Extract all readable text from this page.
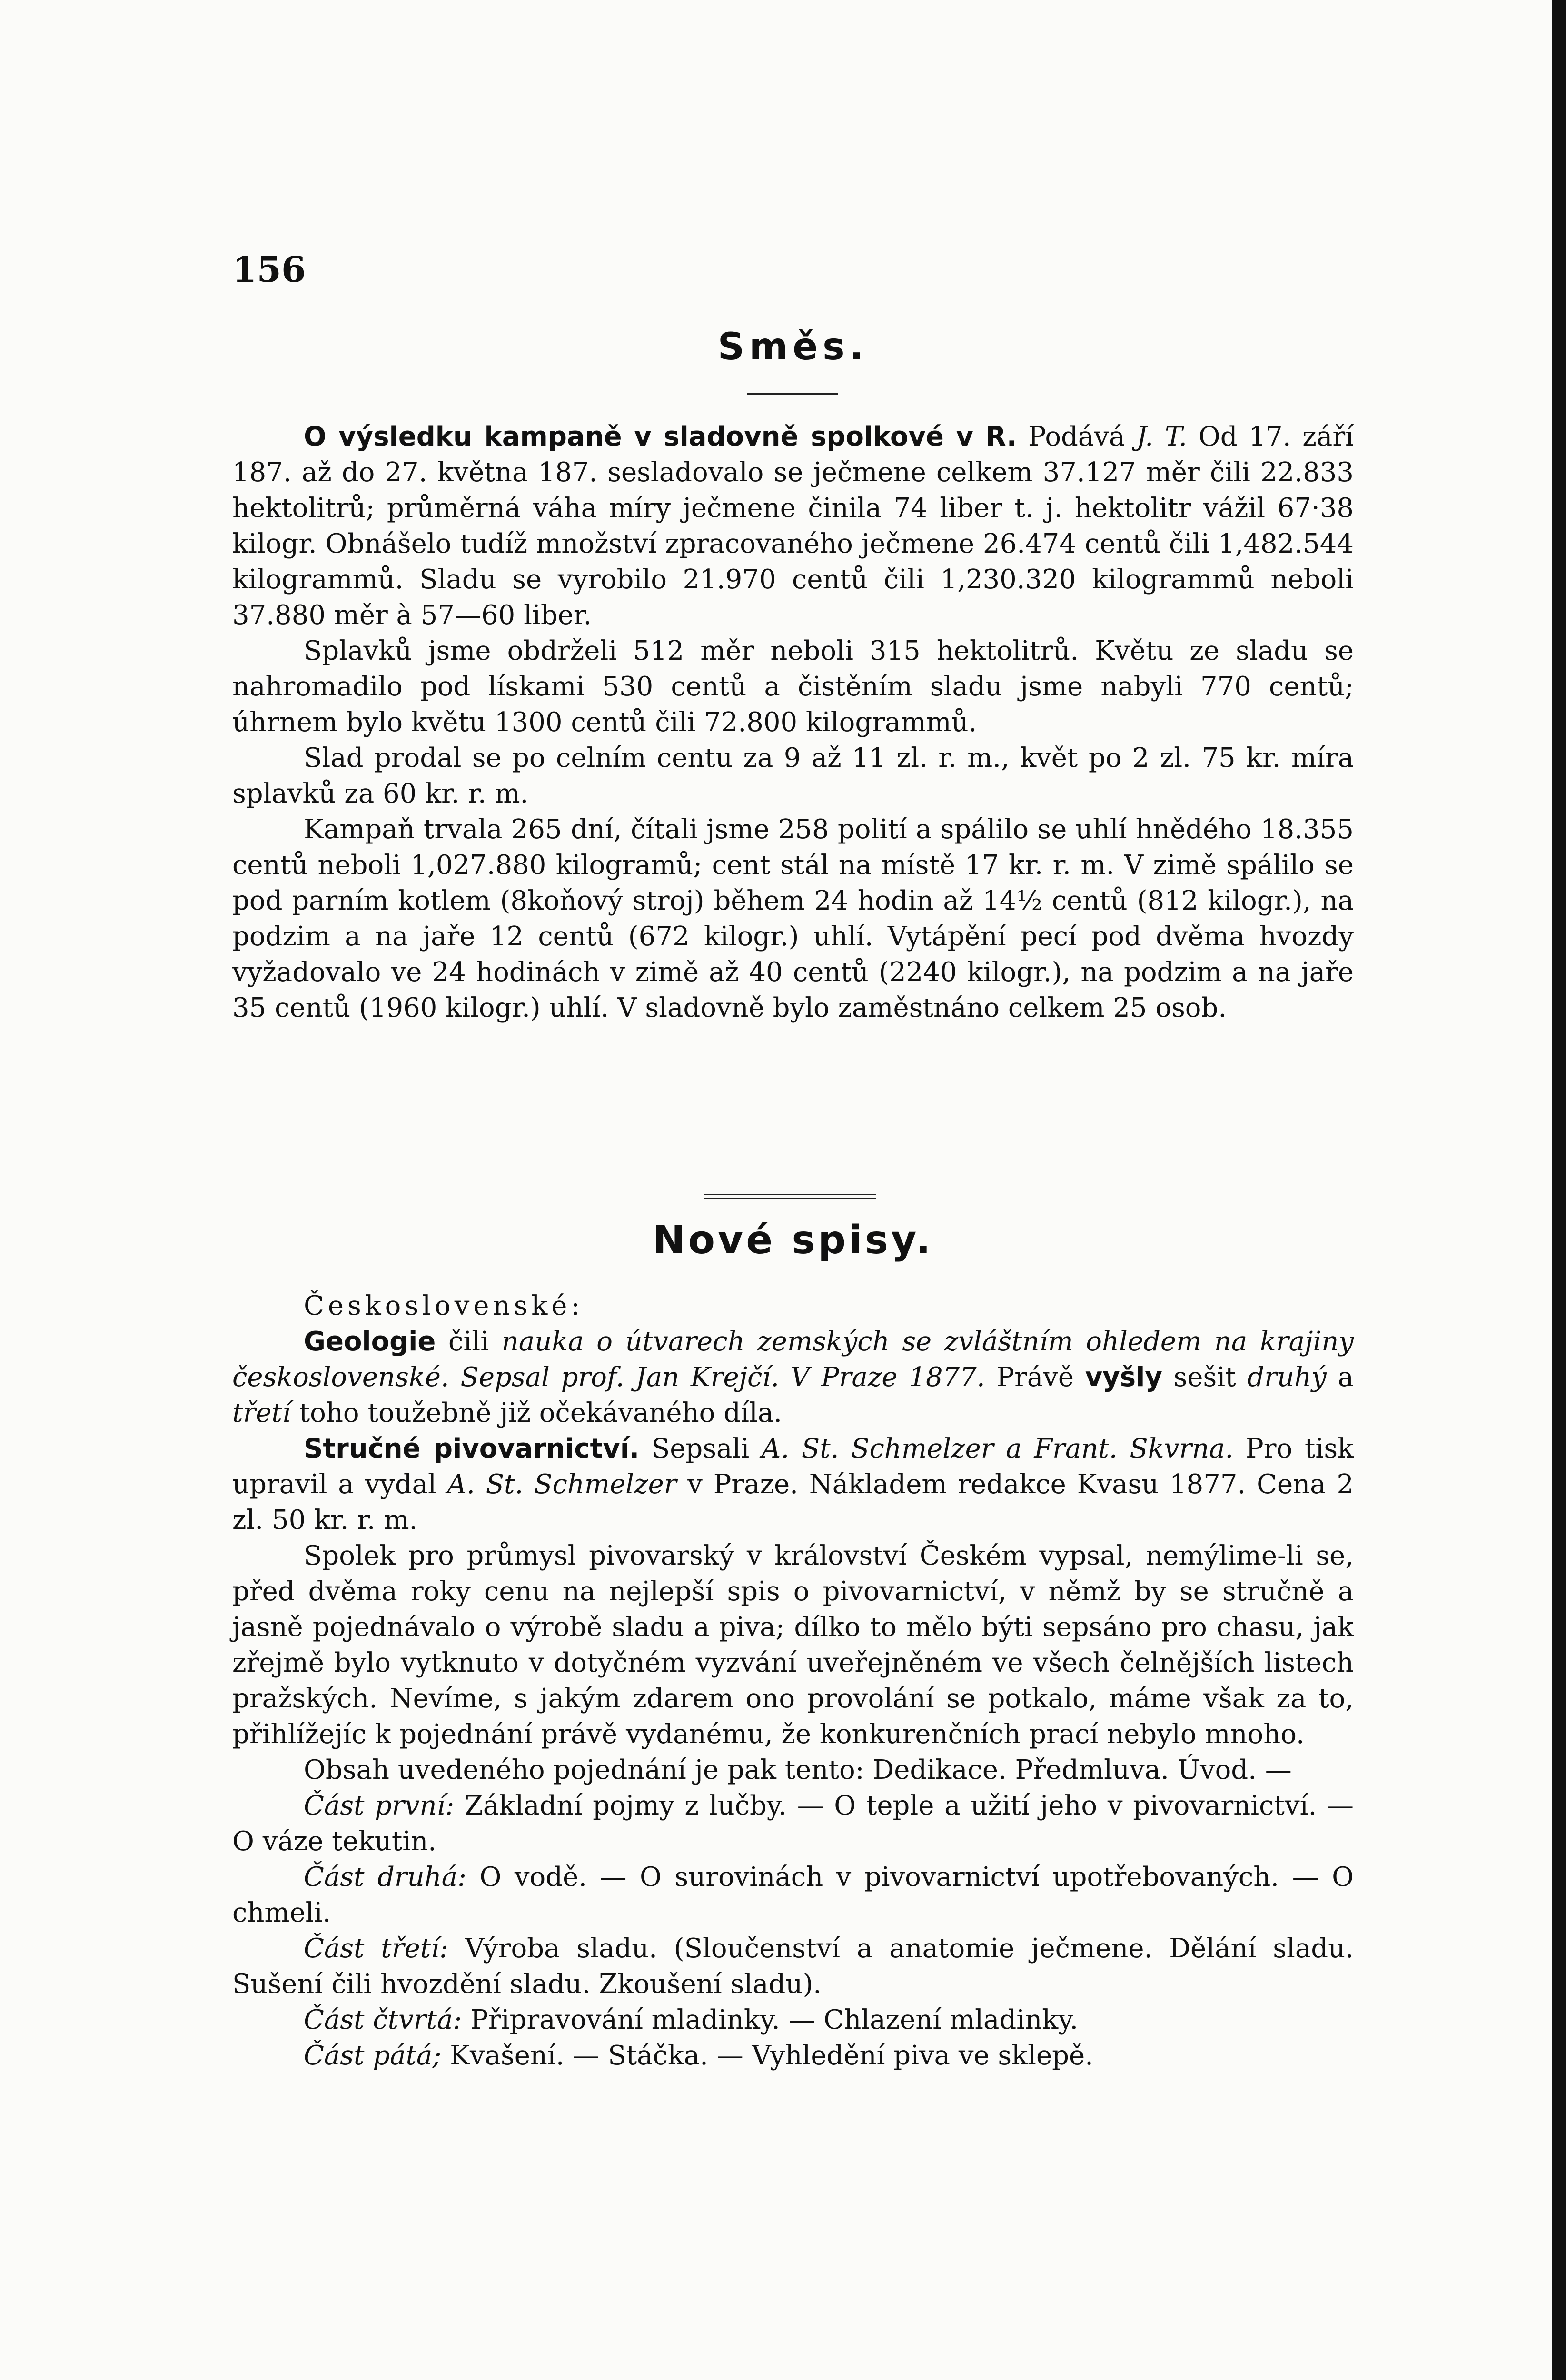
156
Směs.

O výsledku kampaně v sladovně spolkové v R. Podává J. T. Od 17. září 187. až do 27. května 187. sesladovalo se ječmene celkem 37.127 měr čili 22.833 hektolitrů; průměrná váha míry ječmene činila 74 liber t. j. hektolitr vážil 67·38 kilogr. Obnášelo tudíž množství zpracovaného ječmene 26.474 centů čili 1,482.544 kilogrammů. Sladu se vyrobilo 21.970 centů čili 1,230.320 kilogrammů neboli 37.880 měr à 57—60 liber.

Splavků jsme obdrželi 512 měr neboli 315 hektolitrů. Květu ze sladu se nahromadilo pod lískami 530 centů a čistěním sladu jsme nabyli 770 centů; úhrnem bylo květu 1300 centů čili 72.800 kilogrammů.

Slad prodal se po celním centu za 9 až 11 zl. r. m., květ po 2 zl. 75 kr. míra splavků za 60 kr. r. m.

Kampaň trvala 265 dní, čítali jsme 258 polití a spálilo se uhlí hnědého 18.355 centů neboli 1,027.880 kilogramů; cent stál na místě 17 kr. r. m. V zimě spálilo se pod parním kotlem (8koňový stroj) během 24 hodin až 14½ centů (812 kilogr.), na podzim a na jaře 12 centů (672 kilogr.) uhlí. Vytápění pecí pod dvěma hvozdy vyžadovalo ve 24 hodinách v zimě až 40 centů (2240 kilogr.), na podzim a na jaře 35 centů (1960 kilogr.) uhlí. V sladovně bylo zaměstnáno celkem 25 osob.

Nové spisy.

Československé:

Geologie čili nauka o útvarech zemských se zvláštním ohledem na krajiny československé. Sepsal prof. Jan Krejčí. V Praze 1877. Právě vyšly sešit druhý a třetí toho toužebně již očekávaného díla.

Stručné pivovarnictví. Sepsali A. St. Schmelzer a Frant. Skvrna. Pro tisk upravil a vydal A. St. Schmelzer v Praze. Nákladem redakce Kvasu 1877. Cena 2 zl. 50 kr. r. m.

Spolek pro průmysl pivovarský v království Českém vypsal, nemýlime-li se, před dvěma roky cenu na nejlepší spis o pivovarnictví, v němž by se stručně a jasně pojednávalo o výrobě sladu a piva; dílko to mělo býti sepsáno pro chasu, jak zřejmě bylo vytknuto v dotyčném vyzvání uveřejněném ve všech čelnějších listech pražských. Nevíme, s jakým zdarem ono provolání se potkalo, máme však za to, přihlížejíc k pojednání právě vydanému, že konkurenčních prací nebylo mnoho.

Obsah uvedeného pojednání je pak tento: Dedikace. Předmluva. Úvod. —

Část první: Základní pojmy z lučby. — O teple a užití jeho v pivovarnictví. — O váze tekutin.

Část druhá: O vodě. — O surovinách v pivovarnictví upotřebovaných. — O chmeli.

Část třetí: Výroba sladu. (Sloučenství a anatomie ječmene. Dělání sladu. Sušení čili hvozdění sladu. Zkoušení sladu).

Část čtvrtá: Připravování mladinky. — Chlazení mladinky.

Část pátá; Kvašení. — Stáčka. — Vyhledění piva ve sklepě.
